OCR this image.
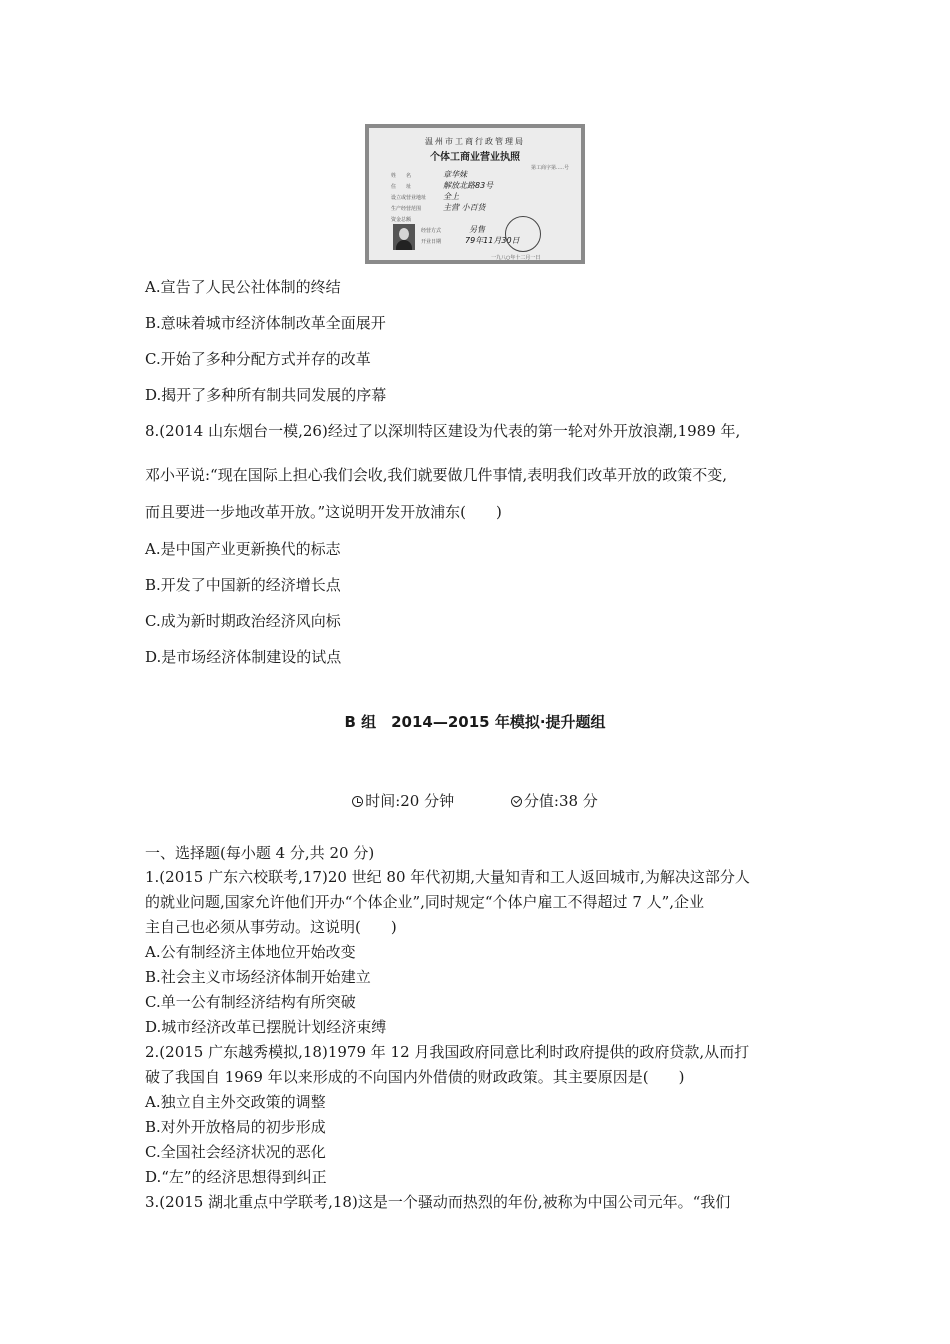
温州市工商行政管理局
个体工商业营业执照
第工商字第.....号
姓　　名	章华妹
住　　址	解放北路83号
设立或营业地址 全上
生产经营范围	主营 小百货
资金总额
经营方式	另售
开业日期	79年11月30日
一九八○年十二月一日
A.宣告了人民公社体制的终结
B.意味着城市经济体制改革全面展开
C.开始了多种分配方式并存的改革
D.揭开了多种所有制共同发展的序幕
8.(2014 山东烟台一模,26)经过了以深圳特区建设为代表的第一轮对外开放浪潮,1989 年,
邓小平说:“现在国际上担心我们会收,我们就要做几件事情,表明我们改革开放的政策不变,
而且要进一步地改革开放。”这说明开发开放浦东(　　)
A.是中国产业更新换代的标志
B.开发了中国新的经济增长点
C.成为新时期政治经济风向标
D.是市场经济体制建设的试点
B 组　2014—2015 年模拟·提升题组
时间:20 分钟	分值:38 分
一、选择题(每小题 4 分,共 20 分)
1.(2015 广东六校联考,17)20 世纪 80 年代初期,大量知青和工人返回城市,为解决这部分人
的就业问题,国家允许他们开办“个体企业”,同时规定“个体户雇工不得超过 7 人”,企业
主自己也必须从事劳动。这说明(　　)
A.公有制经济主体地位开始改变
B.社会主义市场经济体制开始建立
C.单一公有制经济结构有所突破
D.城市经济改革已摆脱计划经济束缚
2.(2015 广东越秀模拟,18)1979 年 12 月我国政府同意比利时政府提供的政府贷款,从而打
破了我国自 1969 年以来形成的不向国内外借债的财政政策。其主要原因是(　　)
A.独立自主外交政策的调整
B.对外开放格局的初步形成
C.全国社会经济状况的恶化
D.“左”的经济思想得到纠正
3.(2015 湖北重点中学联考,18)这是一个骚动而热烈的年份,被称为中国公司元年。“我们
